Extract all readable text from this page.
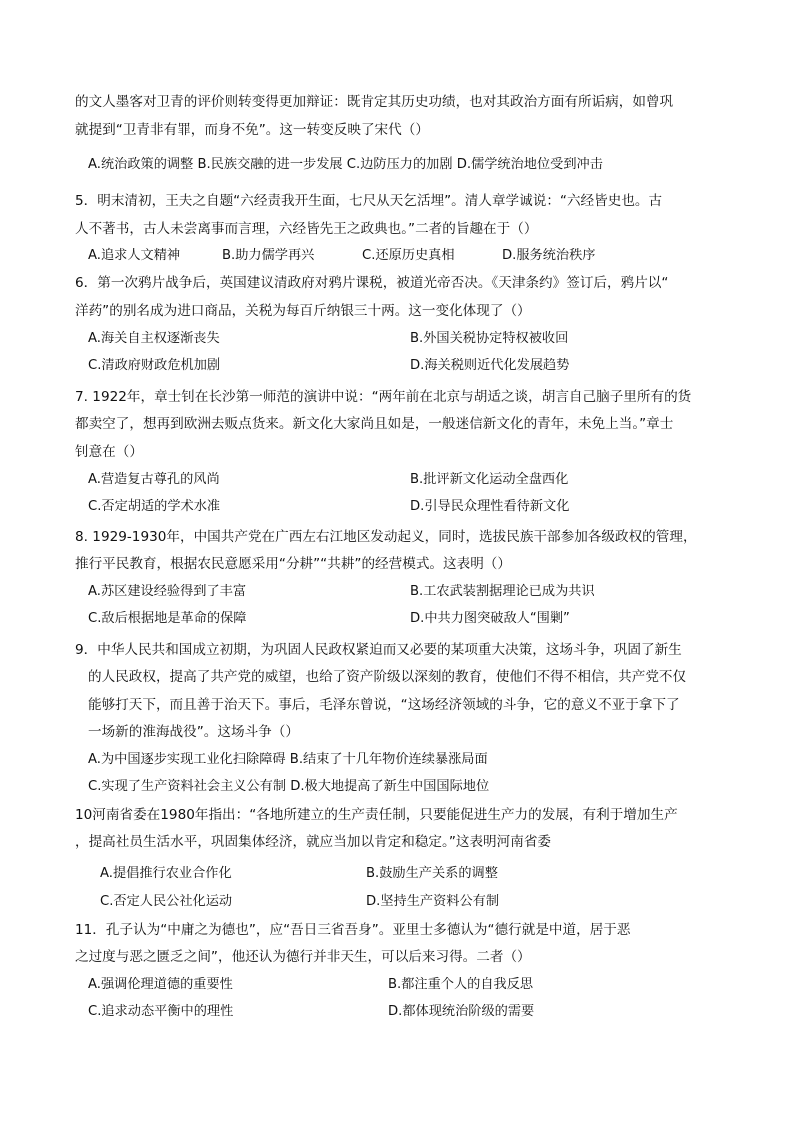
的文人墨客对卫青的评价则转变得更加辩证：既肯定其历史功绩，也对其政治方面有所诟病，如曾巩
就提到“卫青非有罪，而身不免”。这一转变反映了宋代（）
A.统治政策的调整 B.民族交融的进一步发展 C.边防压力的加剧 D.儒学统治地位受到冲击
5．明末清初，王夫之自题“六经责我开生面，七尺从天乞活埋”。清人章学诚说：“六经皆史也。古
人不著书，古人未尝离事而言理，六经皆先王之政典也。”二者的旨趣在于（）
A.追求人文精神	B.助力儒学再兴	C.还原历史真相	D.服务统治秩序
6．第一次鸦片战争后，英国建议清政府对鸦片课税，被道光帝否决。《天津条约》签订后，鸦片以“
洋药”的别名成为进口商品，关税为每百斤纳银三十两。这一变化体现了（）
A.海关自主权逐渐丧失	B.外国关税协定特权被收回
C.清政府财政危机加剧	D.海关税则近代化发展趋势
7. 1922年，章士钊在长沙第一师范的演讲中说：“两年前在北京与胡适之谈，胡言自己脑子里所有的货
都卖空了，想再到欧洲去贩点货来。新文化大家尚且如是，一般迷信新文化的青年，未免上当。”章士
钊意在（）
A.营造复古尊孔的风尚	B.批评新文化运动全盘西化
C.否定胡适的学术水准	D.引导民众理性看待新文化
8. 1929-1930年，中国共产党在广西左右江地区发动起义，同时，选拔民族干部参加各级政权的管理，
推行平民教育，根据农民意愿采用“分耕”“共耕”的经营模式。这表明（）
A.苏区建设经验得到了丰富	B.工农武装割据理论已成为共识
C.敌后根据地是革命的保障	D.中共力图突破敌人“围剿”
9．中华人民共和国成立初期，为巩固人民政权紧迫而又必要的某项重大决策，这场斗争，巩固了新生
的人民政权，提高了共产党的威望，也给了资产阶级以深刻的教育，使他们不得不相信，共产党不仅
能够打天下，而且善于治天下。事后，毛泽东曾说，“这场经济领域的斗争，它的意义不亚于拿下了
一场新的淮海战役”。这场斗争（）
A.为中国逐步实现工业化扫除障碍 B.结束了十几年物价连续暴涨局面
C.实现了生产资料社会主义公有制 D.极大地提高了新生中国国际地位
10河南省委在1980年指出：“各地所建立的生产责任制，只要能促进生产力的发展，有利于增加生产
，提高社员生活水平，巩固集体经济，就应当加以肯定和稳定。”这表明河南省委
A.提倡推行农业合作化	B.鼓励生产关系的调整
C.否定人民公社化运动	D.坚持生产资料公有制
11．孔子认为“中庸之为德也”，应“吾日三省吾身”。亚里士多德认为“德行就是中道，居于恶
之过度与恶之匮乏之间”，他还认为德行并非天生，可以后来习得。二者（）
A.强调伦理道德的重要性	B.都注重个人的自我反思
C.追求动态平衡中的理性	D.都体现统治阶级的需要
